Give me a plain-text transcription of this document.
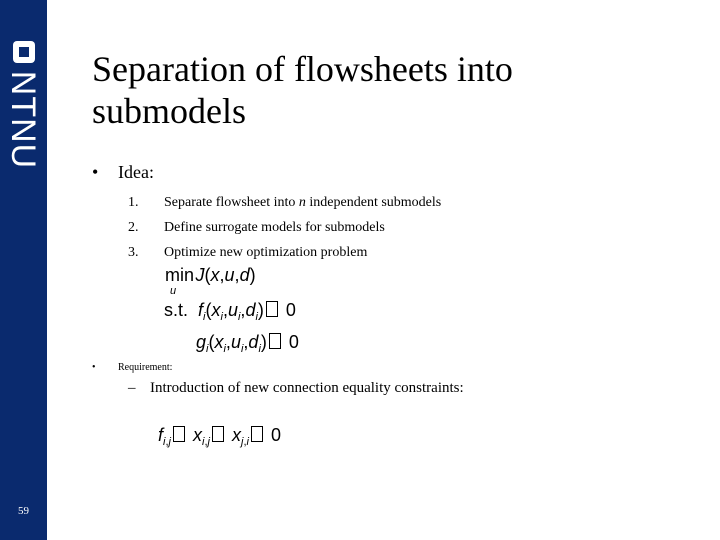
NTNU
59
Separation of flowsheets into submodels
•	Idea:
1.	Separate flowsheet into n independent submodels
2.	Define surrogate models for submodels
3.	Optimize new optimization problem
min J(x,u,d)
u
s.t.  $f_i(x_i,u_i,d_i)$ 0
$g_i(x_i,u_i,d_i)$ 0
•	Requirement:
– Introduction of new connection equality constraints:
$f_{i,j}$ $x_{i,j}$ $x_{j,i}$ 0
